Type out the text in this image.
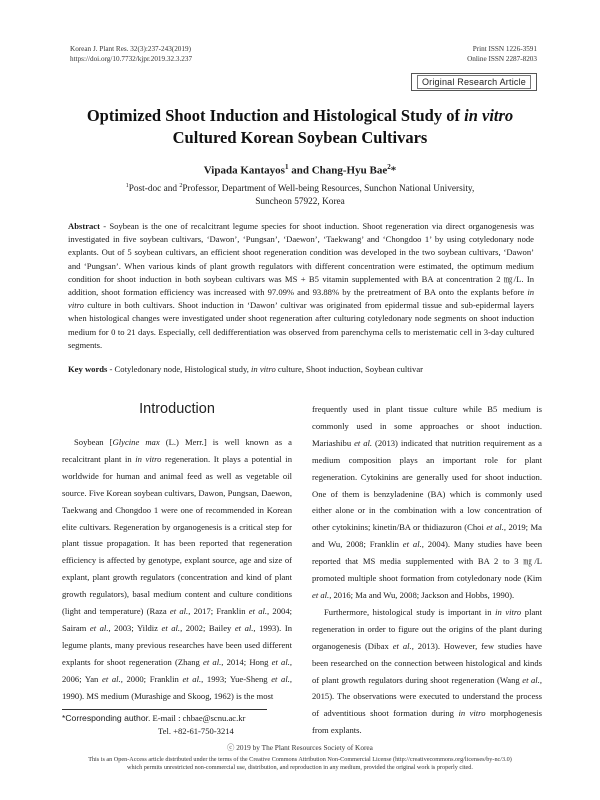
Korean J. Plant Res. 32(3):237-243(2019)
https://doi.org/10.7732/kjpr.2019.32.3.237
Print ISSN 1226-3591
Online ISSN 2287-8203
Original Research Article
Optimized Shoot Induction and Histological Study of in vitro
Cultured Korean Soybean Cultivars
Vipada Kantayos$^1$ and Chang-Hyu Bae$^2$*
$^1$Post-doc and $^2$Professor, Department of Well-being Resources, Sunchon National University,
Suncheon 57922, Korea
Abstract - Soybean is the one of recalcitrant legume species for shoot induction. Shoot regeneration via direct organogenesis was investigated in five soybean cultivars, ‘Dawon’, ‘Pungsan’, ‘Daewon’, ‘Taekwang’ and ‘Chongdoo 1’ by using cotyledonary node explants. Out of 5 soybean cultivars, an efficient shoot regeneration condition was developed in the two soybean cultivars, ‘Dawon’ and ‘Pungsan’. When various kinds of plant growth regulators with different concentration were estimated, the optimum medium condition for shoot induction in both soybean cultivars was MS + B5 vitamin supplemented with BA at concentration 2 ㎎/L. In addition, shoot formation efficiency was increased with 97.09% and 93.88% by the pretreatment of BA onto the explants before in vitro culture in both cultivars. Shoot induction in ‘Dawon’ cultivar was originated from epidermal tissue and sub-epidermal layers when histological changes were investigated under shoot regeneration after culturing cotyledonary node segments on shoot induction medium for 0 to 21 days. Especially, cell dedifferentiation was observed from parenchyma cells to meristematic cell in 3-day cultured segments.
Key words - Cotyledonary node, Histological study, in vitro culture, Shoot induction, Soybean cultivar
Introduction

Soybean [Glycine max (L.) Merr.] is well known as a recalcitrant plant in in vitro regeneration. It plays a potential in worldwide for human and animal feed as well as vegetable oil source. Five Korean soybean cultivars, Dawon, Pungsan, Daewon, Taekwang and Chongdoo 1 were one of recommended in Korean elite cultivars. Regeneration by organogenesis is a critical step for plant tissue propagation. It has been reported that regeneration efficiency is affected by genotype, explant source, age and size of explant, plant growth regulators (concentration and kind of plant growth regulators), basal medium content and culture conditions (light and temperature) (Raza et al., 2017; Franklin et al., 2004; Sairam et al., 2003; Yildiz et al., 2002; Bailey et al., 1993). In legume plants, many previous researches have been used different explants for shoot regeneration (Zhang et al., 2014; Hong et al., 2006; Yan et al., 2000; Franklin et al., 1993; Yue-Sheng et al., 1990). MS medium (Murashige and Skoog, 1962) is the most

frequently used in plant tissue culture while B5 medium is commonly used in some approaches or shoot induction. Mariashibu et al. (2013) indicated that nutrition requirement as a medium composition plays an important role for plant regeneration. Cytokinins are generally used for shoot induction. One of them is benzyladenine (BA) which is commonly used either alone or in the combination with a low concentration of other cytokinins; kinetin/BA or thidiazuron (Choi et al., 2019; Ma and Wu, 2008; Franklin et al., 2004). Many studies have been reported that MS media supplemented with BA 2 to 3 ㎎/L promoted multiple shoot formation from cotyledonary node (Kim et al., 2016; Ma and Wu, 2008; Jackson and Hobbs, 1990).

Furthermore, histological study is important in in vitro plant regeneration in order to figure out the origins of the plant during organogenesis (Dibax et al., 2013). However, few studies have been researched on the connection between histological and kinds of plant growth regulators during shoot regeneration (Wang et al., 2015). The observations were executed to understand the process of adventitious shoot formation during in vitro morphogenesis from explants.

*Corresponding author. E-mail : chbae@scnu.ac.kr
Tel. +82-61-750-3214
ⓒ 2019 by The Plant Resources Society of Korea
This is an Open-Access article distributed under the terms of the Creative Commons Attribution Non-Commercial License (http://creativecommons.org/licenses/by-nc/3.0)
which permits unrestricted non-commercial use, distribution, and reproduction in any medium, provided the original work is properly cited.
